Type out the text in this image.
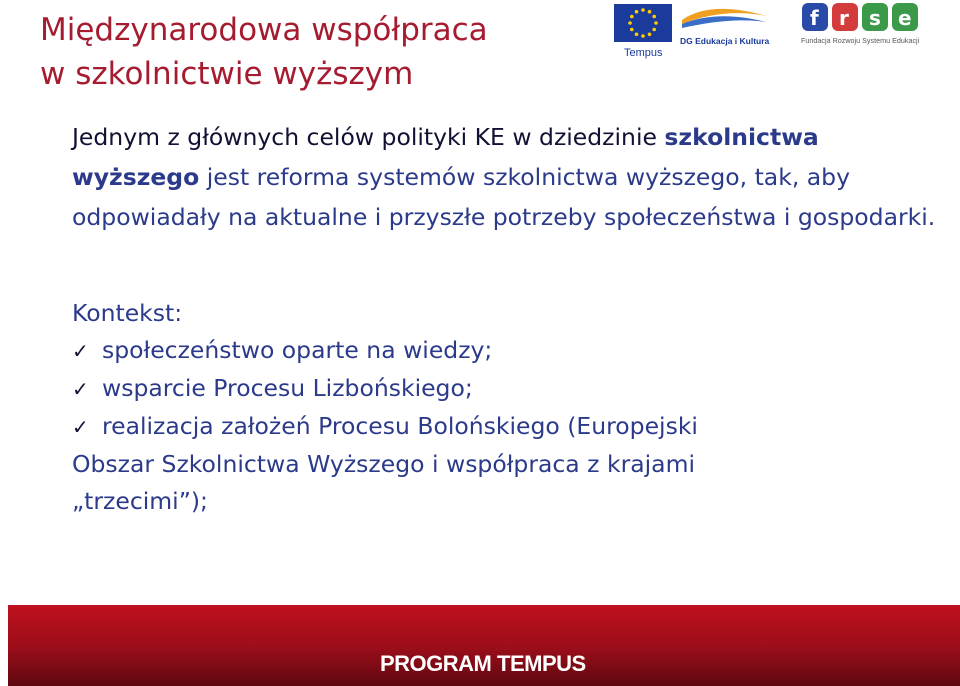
Międzynarodowa współpraca
w szkolnictwie wyższym
Tempus
DG Edukacja i Kultura
f r s e
Fundacja Rozwoju Systemu Edukacji

Jednym z głównych celów polityki KE w dziedzinie szkolnictwa wyższego jest reforma systemów szkolnictwa wyższego, tak, aby odpowiadały na aktualne i przyszłe potrzeby społeczeństwa i gospodarki.

Kontekst:
✓ społeczeństwo oparte na wiedzy;
✓ wsparcie Procesu Lizbońskiego;
✓ realizacja założeń Procesu Bolońskiego (Europejski
Obszar Szkolnictwa Wyższego i współpraca z krajami
„trzecimi”);
PROGRAM TEMPUS
